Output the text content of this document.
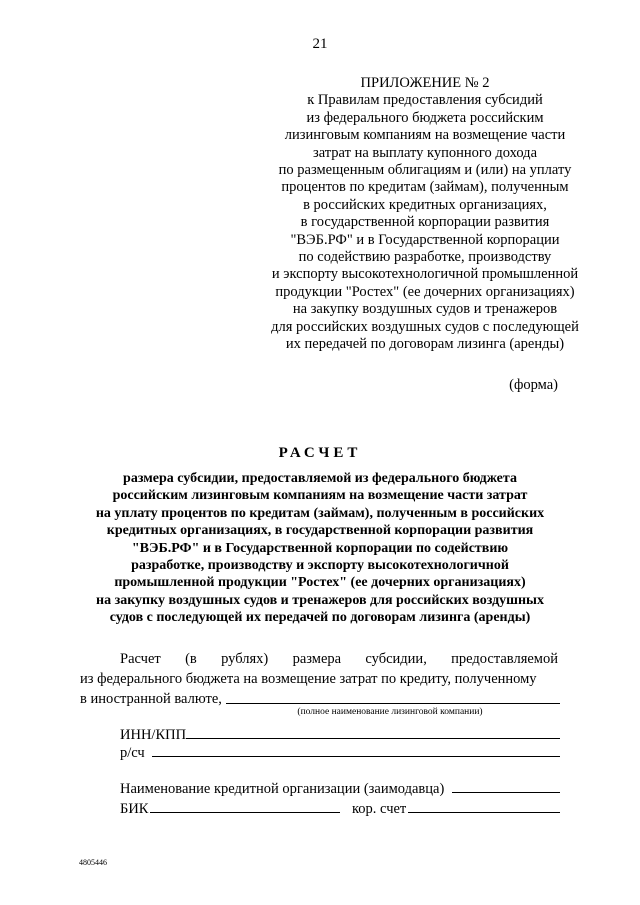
21
ПРИЛОЖЕНИЕ № 2
к Правилам предоставления субсидий
из федерального бюджета российским
лизинговым компаниям на возмещение части
затрат на выплату купонного дохода
по размещенным облигациям и (или) на уплату
процентов по кредитам (займам), полученным
в российских кредитных организациях,
в государственной корпорации развития
"ВЭБ.РФ" и в Государственной корпорации
по содействию разработке, производству
и экспорту высокотехнологичной промышленной
продукции "Ростех" (ее дочерних организациях)
на закупку воздушных судов и тренажеров
для российских воздушных судов с последующей
их передачей по договорам лизинга (аренды)
(форма)
РАСЧЕТ
размера субсидии, предоставляемой из федерального бюджета
российским лизинговым компаниям на возмещение части затрат
на уплату процентов по кредитам (займам), полученным в российских
кредитных организациях, в государственной корпорации развития
"ВЭБ.РФ" и в Государственной корпорации по содействию
разработке, производству и экспорту высокотехнологичной
промышленной продукции "Ростех" (ее дочерних организациях)
на закупку воздушных судов и тренажеров для российских воздушных
судов с последующей их передачей по договорам лизинга (аренды)
Расчет (в рублях) размера субсидии, предоставляемой
из федерального бюджета на возмещение затрат по кредиту, полученному
в иностранной валюте,
(полное наименование лизинговой компании)
ИНН/КПП
р/сч
Наименование кредитной организации (заимодавца)
БИК	кор. счет
4805446
